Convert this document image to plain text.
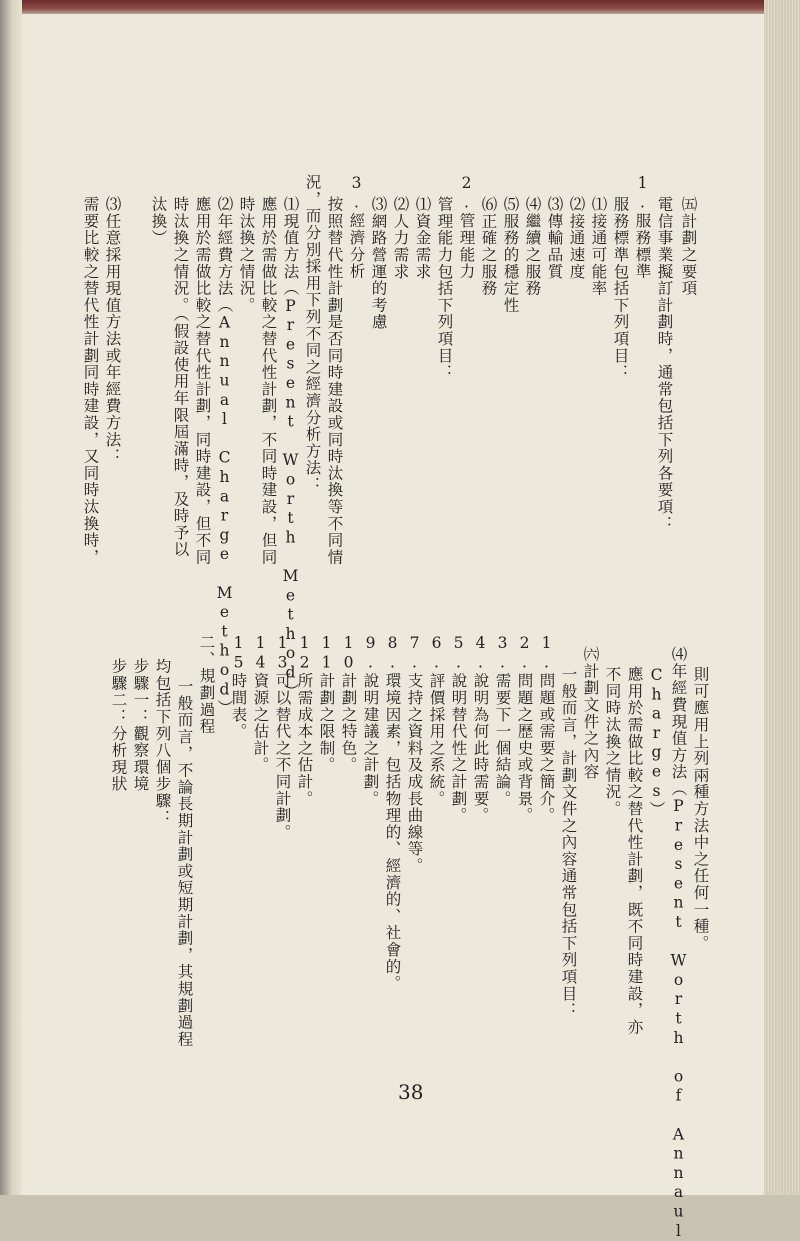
㈤計劃之要項
電信事業擬訂計劃時，通常包括下列各要項：
1.服務標準
服務標準包括下列項目：
⑴接通可能率
⑵接通速度
⑶傳輸品質
⑷繼續之服務
⑸服務的穩定性
⑹正確之服務
2.管理能力
管理能力包括下列項目：
⑴資金需求
⑵人力需求
⑶網路營運的考慮
3.經濟分析
按照替代性計劃是否同時建設或同時汰換等不同情
況，而分別採用下列不同之經濟分析方法：
⑴現值方法（Present Worth Method）
應用於需做比較之替代性計劃，不同時建設，但同
時汰換之情況。
⑵年經費方法（Annual Charge Method）
應用於需做比較之替代性計劃，同時建設，但不同
時汰換之情況。（假設使用年限屆滿時，及時予以
汰換）
⑶任意採用現值方法或年經費方法：
需要比較之替代性計劃同時建設，又同時汰換時，
則可應用上列兩種方法中之任何一種。
⑷年經費現值方法（Present Worth of Annaul
Charges）
應用於需做比較之替代性計劃，既不同時建設，亦
不同時汰換之情況。
㈥計劃文件之內容
一般而言，計劃文件之內容通常包括下列項目：
1.問題或需要之簡介。
2.問題之歷史或背景。
3.需要下一個結論。
4.說明為何此時需要。
5.說明替代性之計劃。
6.評價採用之系統。
7.支持之資料及成長曲線等。
8.環境因素，包括物理的、經濟的、社會的。
9.說明建議之計劃。
10計劃之特色。
11計劃之限制。
12所需成本之估計。
13可以替代之不同計劃。
14資源之估計。
15時間表。
二、規劃過程
一般而言，不論長期計劃或短期計劃，其規劃過程
均包括下列八個步驟：
步驟一：觀察環境
步驟二：分析現狀
38
